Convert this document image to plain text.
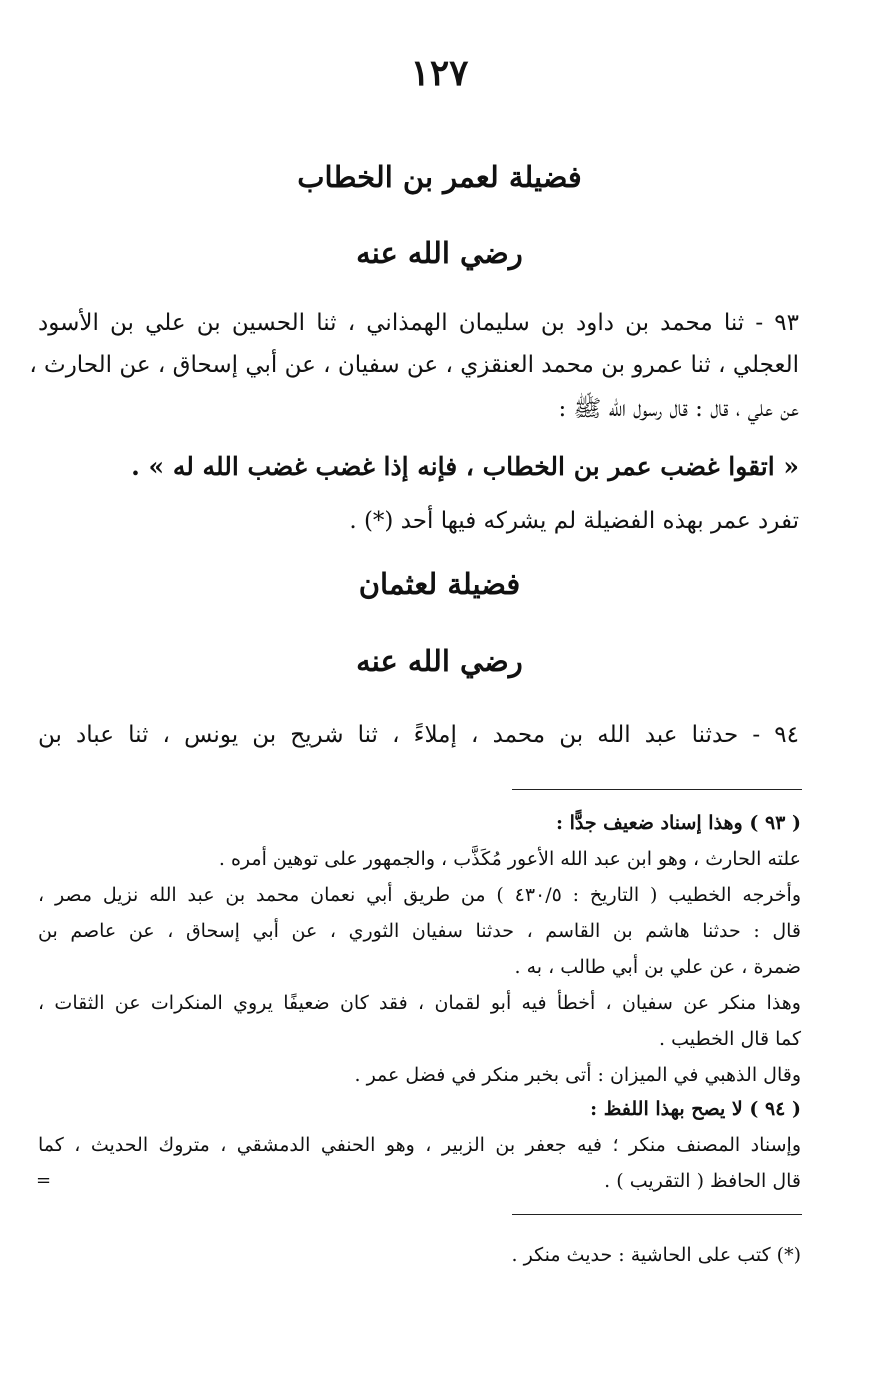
١٢٧
فضيلة لعمر بن الخطاب
رضي الله عنه
٩٣ - ثنا محمد بن داود بن سليمان الهمذاني ، ثنا الحسين بن علي بن الأسود
العجلي ، ثنا عمرو بن محمد العنقزي ، عن سفيان ، عن أبي إسحاق ، عن الحارث ،
عن علي ، قال : قال رسول الله ﷺ :
« اتقوا غضب عمر بن الخطاب ، فإنه إذا غضب غضب الله له » .
تفرد عمر بهذه الفضيلة لم يشركه فيها أحد (*) .
فضيلة لعثمان
رضي الله عنه
٩٤ - حدثنا عبد الله بن محمد ، إملاءً ، ثنا شريح بن يونس ، ثنا عباد بن
( ٩٣ ) وهذا إسناد ضعيف جدًّا :
علته الحارث ، وهو ابن عبد الله الأعور مُكَذَّب ، والجمهور على توهين أمره .
وأخرجه الخطيب ( التاريخ : ٤٣٠/٥ ) من طريق أبي نعمان محمد بن عبد الله نزيل مصر ،
قال : حدثنا هاشم بن القاسم ، حدثنا سفيان الثوري ، عن أبي إسحاق ، عن عاصم بن
ضمرة ، عن علي بن أبي طالب ، به .
وهذا منكر عن سفيان ، أخطأ فيه أبو لقمان ، فقد كان ضعيفًا يروي المنكرات عن الثقات ،
كما قال الخطيب .
وقال الذهبي في الميزان : أتى بخبر منكر في فضل عمر .
( ٩٤ ) لا يصح بهذا اللفظ :
وإسناد المصنف منكر ؛ فيه جعفر بن الزبير ، وهو الحنفي الدمشقي ، متروك الحديث ، كما
قال الحافظ ( التقريب ) .
=
(*) كتب على الحاشية : حديث منكر .
